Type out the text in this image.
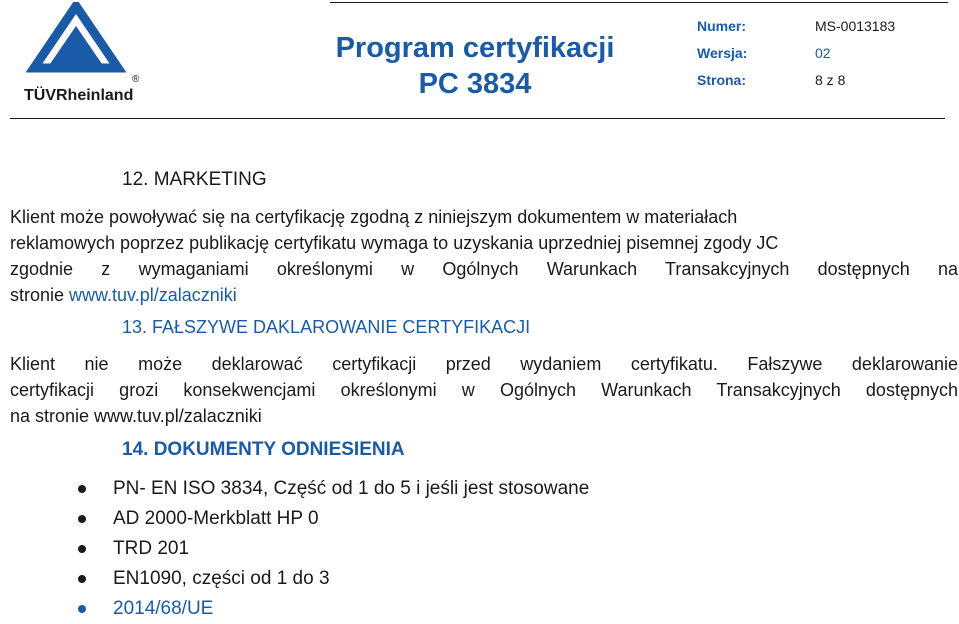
®
TÜVRheinland
Program certyfikacji
PC 3834
Numer:	MS-0013183
Wersja:	02
Strona:	8 z 8
12. MARKETING
Klient może powoływać się na certyfikację zgodną z niniejszym dokumentem w materiałach
reklamowych poprzez publikację certyfikatu wymaga to uzyskania uprzedniej pisemnej zgody JC
zgodnie z wymaganiami określonymi w Ogólnych Warunkach Transakcyjnych dostępnych na
stronie www.tuv.pl/zalaczniki
13. FAŁSZYWE DAKLAROWANIE CERTYFIKACJI
Klient nie może deklarować certyfikacji przed wydaniem certyfikatu. Fałszywe deklarowanie
certyfikacji grozi konsekwencjami określonymi w Ogólnych Warunkach Transakcyjnych dostępnych
na stronie www.tuv.pl/zalaczniki
14. DOKUMENTY ODNIESIENIA
PN- EN ISO 3834, Część od 1 do 5 i jeśli jest stosowane
AD 2000-Merkblatt HP 0
TRD 201
EN1090, części od 1 do 3
2014/68/UE
